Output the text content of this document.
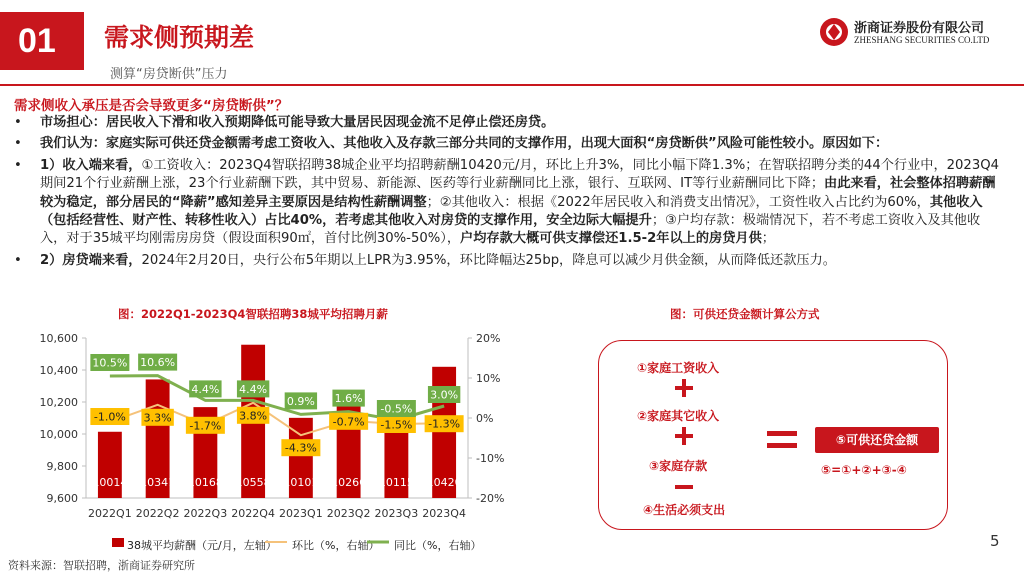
01	需求侧预期差
测算“房贷断供”压力
浙商证券股份有限公司
ZHESHANG SECURITIES CO.LTD
需求侧收入承压是否会导致更多“房贷断供”？
• 市场担心：居民收入下滑和收入预期降低可能导致大量居民因现金流不足停止偿还房贷。
• 我们认为：家庭实际可供还贷金额需考虑工资收入、其他收入及存款三部分共同的支撑作用，出现大面积“房贷断供”风险可能性较小。原因如下：
• 1）收入端来看，①工资收入：2023Q4智联招聘38城企业平均招聘薪酬10420元/月，环比上升3%，同比小幅下降1.3%；在智联招聘分类的44个行业中，2023Q4期间21个行业薪酬上涨，23个行业薪酬下跌，其中贸易、新能源、医药等行业薪酬同比上涨，银行、互联网、IT等行业薪酬同比下降；由此来看，社会整体招聘薪酬较为稳定，部分居民的“降薪”感知差异主要原因是结构性薪酬调整；②其他收入：根据《2022年居民收入和消费支出情况》，工资性收入占比约为60%，其他收入（包括经营性、财产性、转移性收入）占比40%，若考虑其他收入对房贷的支撑作用，安全边际大幅提升；③户均存款：极端情况下，若不考虑工资收入及其他收入，对于35城平均刚需房房贷（假设面积90㎡，首付比例30%-50%），户均存款大概可供支撑偿还1.5-2年以上的房贷月供；
• 2）房贷端来看，2024年2月20日，央行公布5年期以上LPR为3.95%，环比降幅达25bp，降息可以减少月供金额，从而降低还款压力。
图：2022Q1-2023Q4智联招聘38城平均招聘月薪
10,600
10,400
10,200
10,000
9,800
9,600
20%
10%
0%
-10%
-20%
10014 10341 10168 10558 10101 10266 10115 10420
2022Q1 2022Q2 2022Q3 2022Q4 2023Q1 2023Q2 2023Q3 2023Q4
-1.0% 3.3%
-1.7%
3.8%
-4.3%
-0.7% -1.5% -1.3%
10.5% 10.6%
4.4% 4.4%
0.9% 1.6%
-0.5%
3.0%
图：可供还贷金额计算公方式
①家庭工资收入
②家庭其它收入
③家庭存款
④生活必须支出
⑤可供还贷金额
⑤=①+②+③-④
38城平均薪酬（元/月，左轴） 环比（%，右轴） 同比（%，右轴）
资料来源：智联招聘，浙商证券研究所
5
